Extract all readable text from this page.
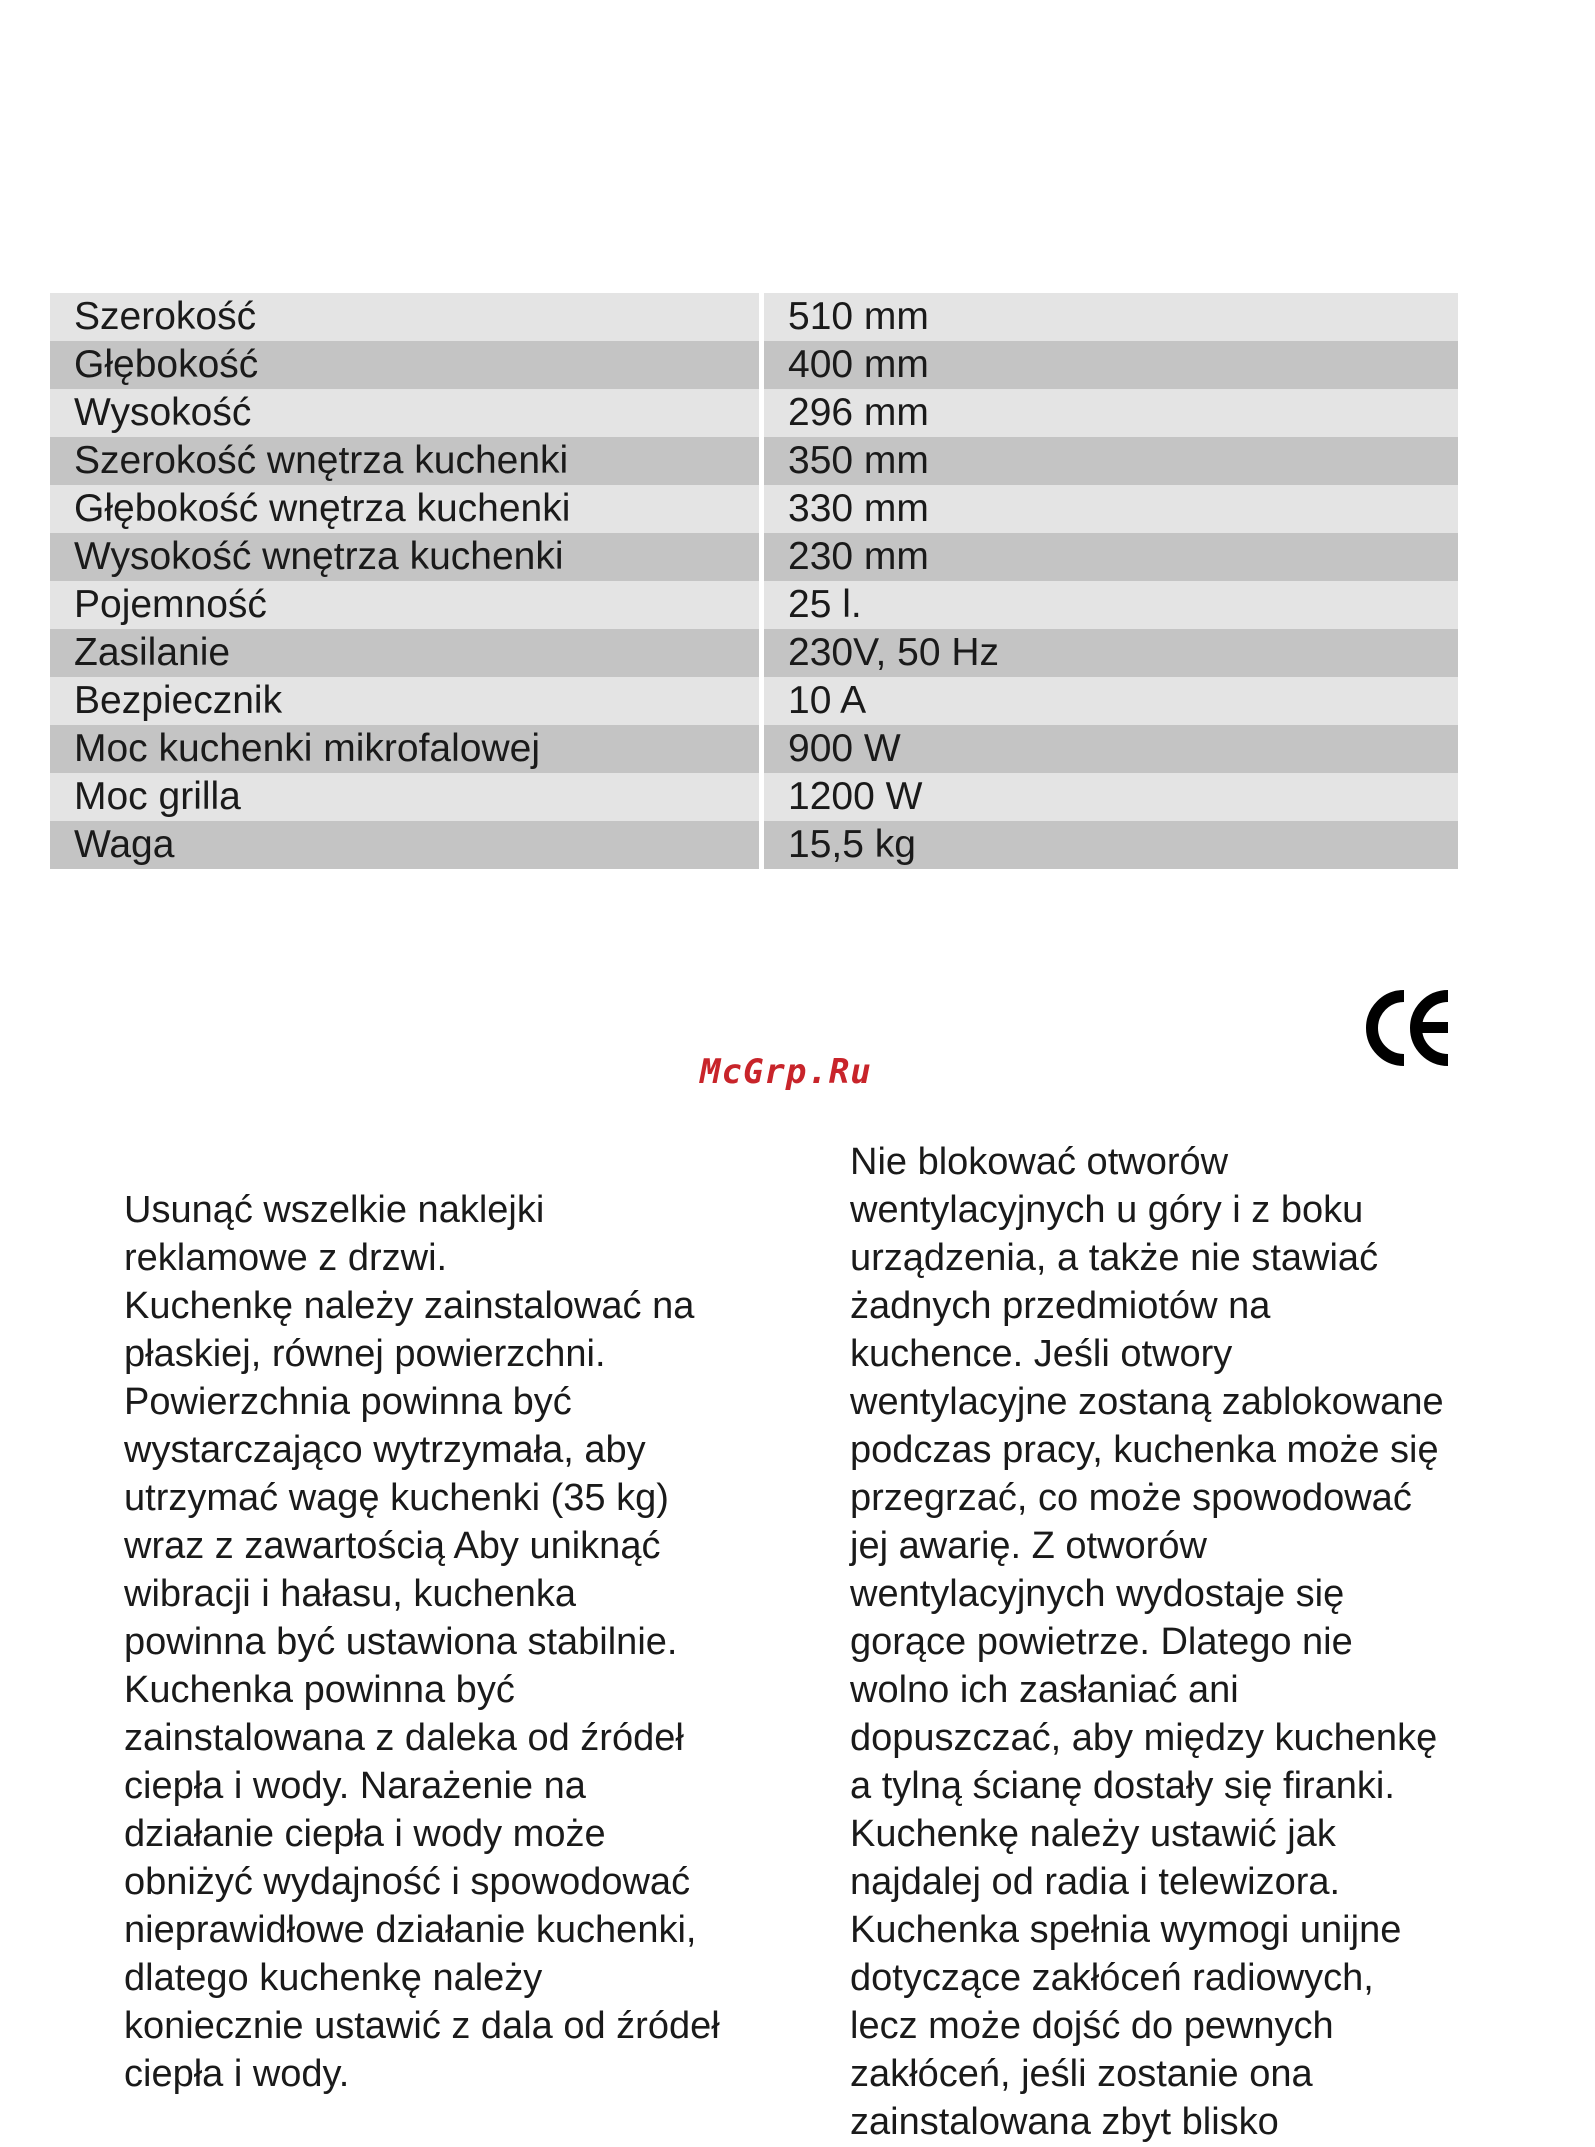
Szerokość	510 mm
Głębokość	400 mm
Wysokość	296 mm
Szerokość wnętrza kuchenki	350 mm
Głębokość wnętrza kuchenki	330 mm
Wysokość wnętrza kuchenki	230 mm
Pojemność	25 l.
Zasilanie	230V, 50 Hz
Bezpiecznik	10 A
Moc kuchenki mikrofalowej	900 W
Moc grilla	1200 W
Waga	15,5 kg
McGrp.Ru

Usunąć wszelkie naklejki
reklamowe z drzwi.
Kuchenkę należy zainstalować na
płaskiej, równej powierzchni.
Powierzchnia powinna być
wystarczająco wytrzymała, aby
utrzymać wagę kuchenki (35 kg)
wraz z zawartością Aby uniknąć
wibracji i hałasu, kuchenka
powinna być ustawiona stabilnie.
Kuchenka powinna być
zainstalowana z daleka od źródeł
ciepła i wody. Narażenie na
działanie ciepła i wody może
obniżyć wydajność i spowodować
nieprawidłowe działanie kuchenki,
dlatego kuchenkę należy
koniecznie ustawić z dala od źródeł
ciepła i wody.

Nie blokować otworów
wentylacyjnych u góry i z boku
urządzenia, a także nie stawiać
żadnych przedmiotów na
kuchence. Jeśli otwory
wentylacyjne zostaną zablokowane
podczas pracy, kuchenka może się
przegrzać, co może spowodować
jej awarię. Z otworów
wentylacyjnych wydostaje się
gorące powietrze. Dlatego nie
wolno ich zasłaniać ani
dopuszczać, aby między kuchenkę
a tylną ścianę dostały się firanki.
Kuchenkę należy ustawić jak
najdalej od radia i telewizora.
Kuchenka spełnia wymogi unijne
dotyczące zakłóceń radiowych,
lecz może dojść do pewnych
zakłóceń, jeśli zostanie ona
zainstalowana zbyt blisko
